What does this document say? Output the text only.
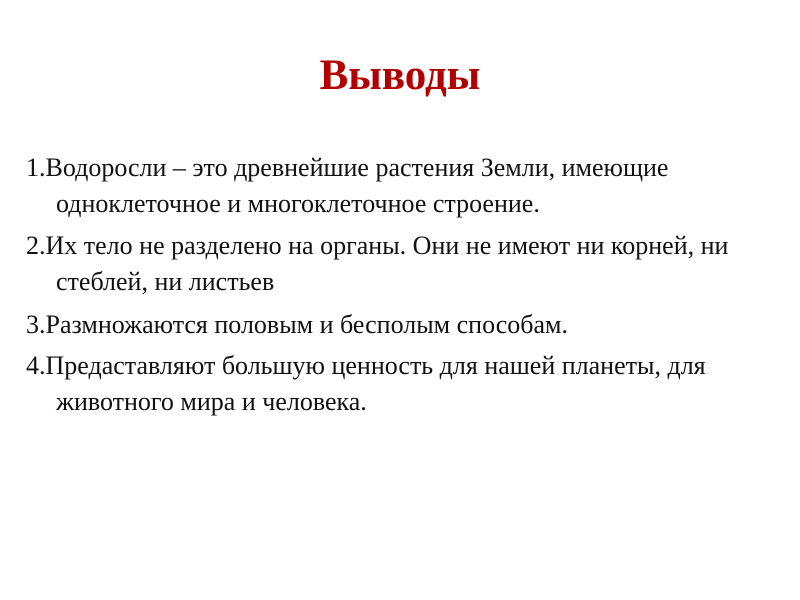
Выводы
1.Водоросли – это древнейшие растения Земли, имеющие одноклеточное и многоклеточное строение.
2.Их тело не разделено на органы. Они не имеют ни корней, ни стеблей, ни листьев
3.Размножаются половым и бесполым способам.
4.Предаставляют большую ценность для нашей планеты, для животного мира и человека.
